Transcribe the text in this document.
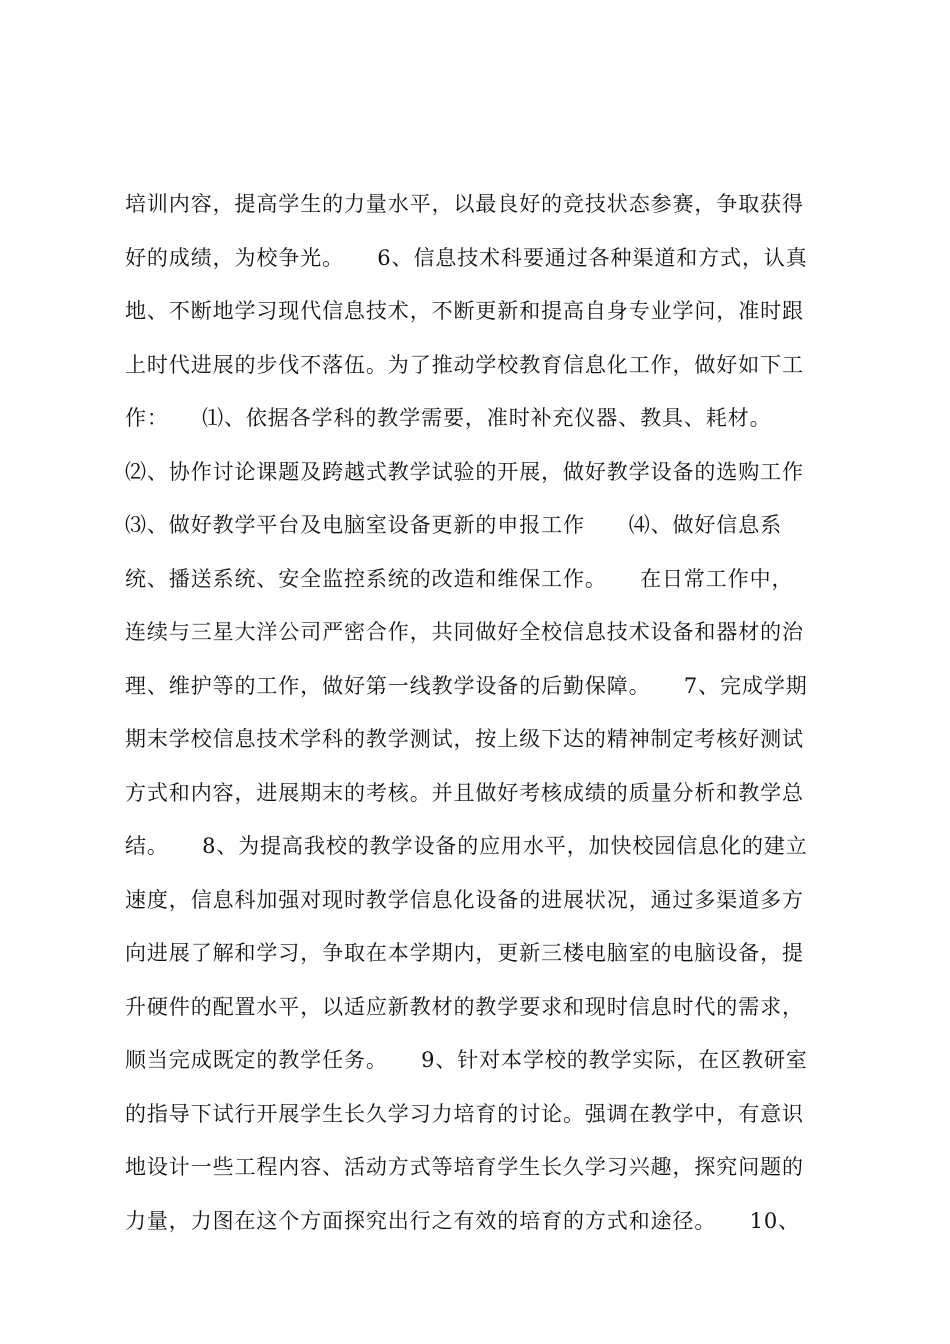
培训内容，提高学生的力量水平，以最良好的竞技状态参赛，争取获得
好的成绩，为校争光。　　6、信息技术科要通过各种渠道和方式，认真
地、不断地学习现代信息技术，不断更新和提高自身专业学问，准时跟
上时代进展的步伐不落伍。为了推动学校教育信息化工作，做好如下工
作：　　⑴、依据各学科的教学需要，准时补充仪器、教具、耗材。
⑵、协作讨论课题及跨越式教学试验的开展，做好教学设备的选购工作
⑶、做好教学平台及电脑室设备更新的申报工作　　⑷、做好信息系
统、播送系统、安全监控系统的改造和维保工作。　　在日常工作中，
连续与三星大洋公司严密合作，共同做好全校信息技术设备和器材的治
理、维护等的工作，做好第一线教学设备的后勤保障。　　7、完成学期
期末学校信息技术学科的教学测试，按上级下达的精神制定考核好测试
方式和内容，进展期末的考核。并且做好考核成绩的质量分析和教学总
结。　　8、为提高我校的教学设备的应用水平，加快校园信息化的建立
速度，信息科加强对现时教学信息化设备的进展状况，通过多渠道多方
向进展了解和学习，争取在本学期内，更新三楼电脑室的电脑设备，提
升硬件的配置水平，以适应新教材的教学要求和现时信息时代的需求，
顺当完成既定的教学任务。　　9、针对本学校的教学实际，在区教研室
的指导下试行开展学生长久学习力培育的讨论。强调在教学中，有意识
地设计一些工程内容、活动方式等培育学生长久学习兴趣，探究问题的
力量，力图在这个方面探究出行之有效的培育的方式和途径。　　10、
